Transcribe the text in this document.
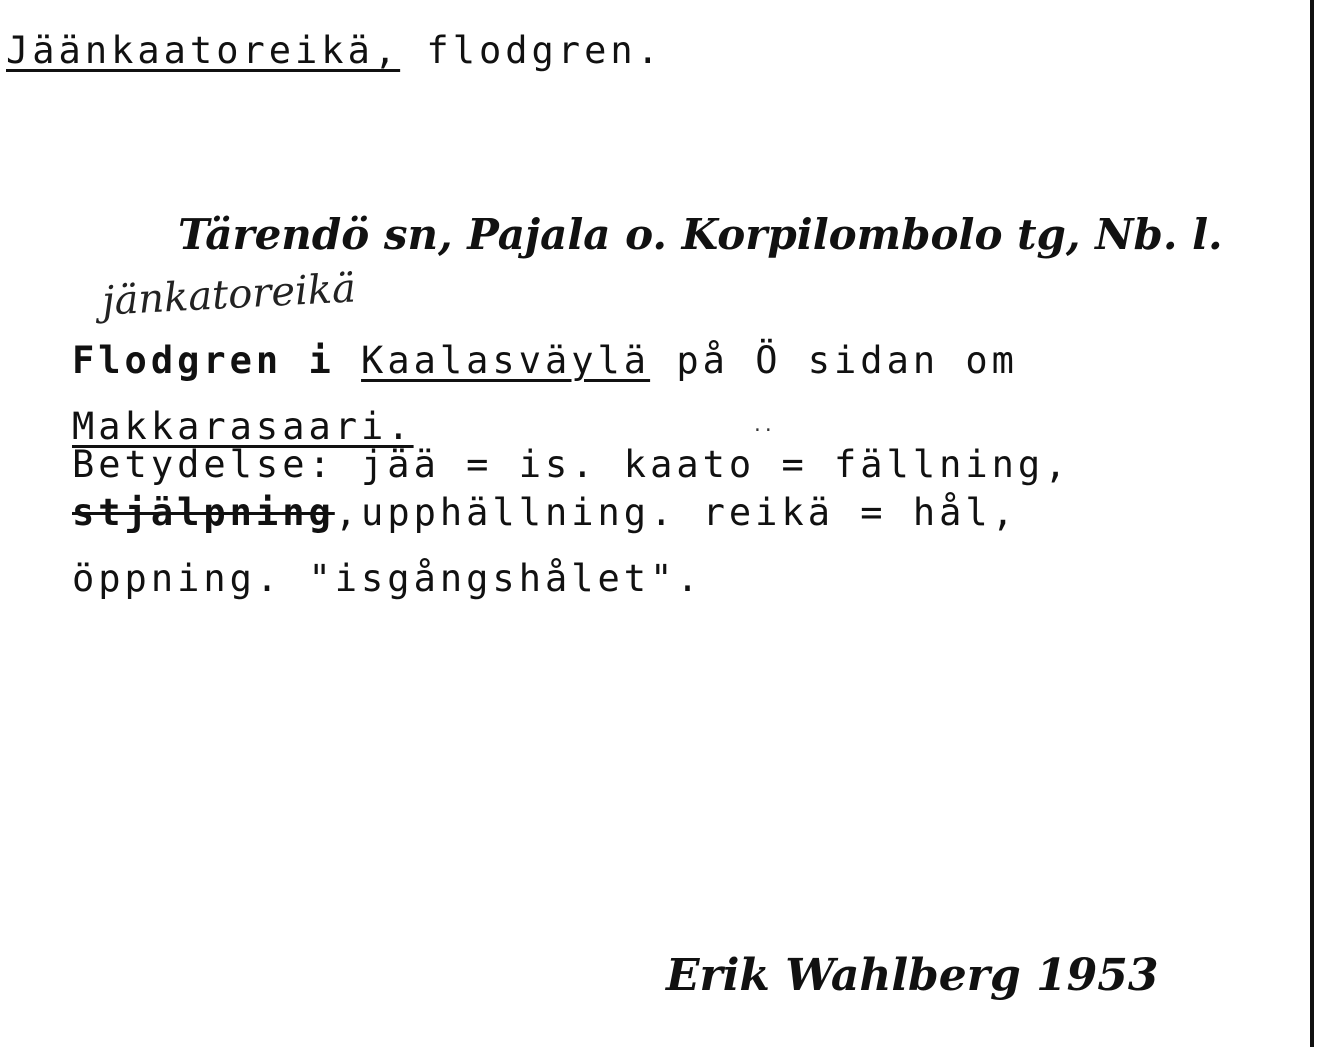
Jäänkaatoreikä, flodgren.
Tärendö sn, Pajala o. Korpilombolo tg, Nb. l.
jänkatoreikä
Flodgren i Kaalasväylä på Ö sidan om
Makkarasaari.	··
Betydelse: jää = is. kaato = fällning,
stjälpning,upphällning. reikä = hål,
öppning. "isgångshålet".
Erik Wahlberg 1953
